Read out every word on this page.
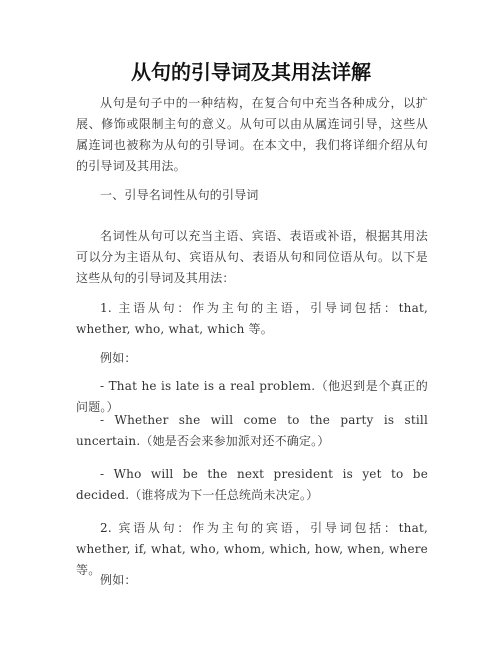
从句的引导词及其用法详解
从句是句子中的一种结构，在复合句中充当各种成分，以扩展、修饰或限制主句的意义。从句可以由从属连词引导，这些从属连词也被称为从句的引导词。在本文中，我们将详细介绍从句的引导词及其用法。
一、引导名词性从句的引导词
名词性从句可以充当主语、宾语、表语或补语，根据其用法可以分为主语从句、宾语从句、表语从句和同位语从句。以下是这些从句的引导词及其用法：
1. 主语从句：作为主句的主语，引导词包括：that, whether, who, what, which 等。
例如：
- That he is late is a real problem.（他迟到是个真正的问题。）
- Whether she will come to the party is still uncertain.（她是否会来参加派对还不确定。）
- Who will be the next president is yet to be decided.（谁将成为下一任总统尚未决定。）
2. 宾语从句：作为主句的宾语，引导词包括：that, whether, if, what, who, whom, which, how, when, where 等。
例如：
